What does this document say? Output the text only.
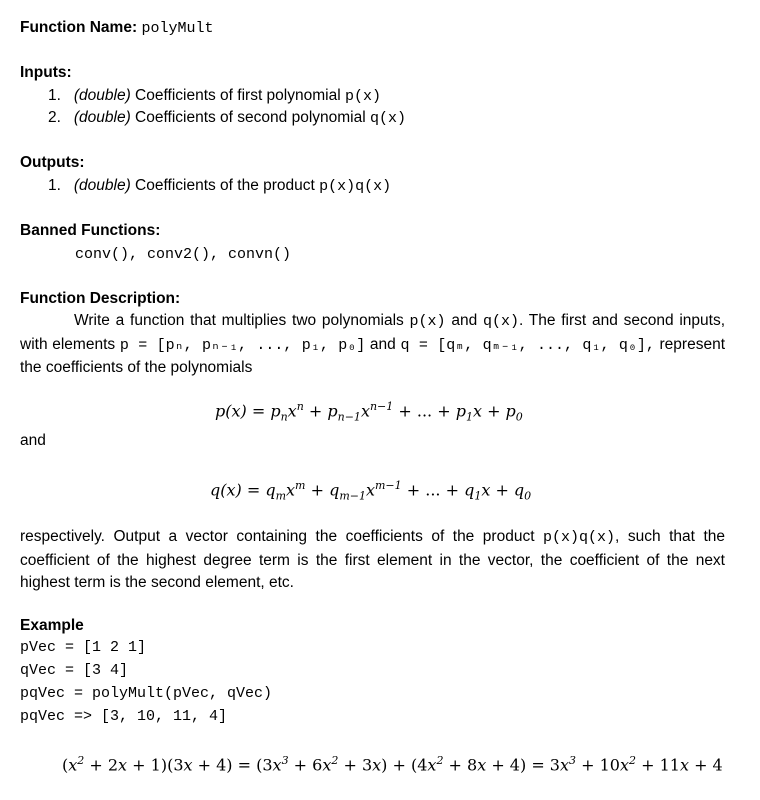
Function Name: polyMult
Inputs:
1. (double) Coefficients of first polynomial p(x)
2. (double) Coefficients of second polynomial q(x)
Outputs:
1. (double) Coefficients of the product p(x)q(x)
Banned Functions:
conv(), conv2(), convn()
Function Description:
Write a function that multiplies two polynomials p(x) and q(x). The first and second inputs, with elements p = [pₙ, pₙ₋₁, ..., p₁, p₀] and q = [qₘ, qₘ₋₁, ..., q₁, q₀], represent the coefficients of the polynomials
$p(x) = p_nx^n + p_{n-1}x^{n-1}$ + ... + $p_1x + p_0$
and
$q(x) = q_mx^m + q_{m-1}x^{m-1}$ + ... + $q_1x + q_0$
respectively. Output a vector containing the coefficients of the product p(x)q(x), such that the coefficient of the highest degree term is the first element in the vector, the coefficient of the next highest term is the second element, etc.
Example
pVec = [1 2 1]
qVec = [3 4]
pqVec = polyMult(pVec, qVec)
pqVec => [3, 10, 11, 4]
$(x^2 + 2x + 1)(3x + 4) = (3x^3 + 6x^2 + 3x) + (4x^2 + 8x + 4) = 3x^3 + 10x^2 + 11x + 4$
